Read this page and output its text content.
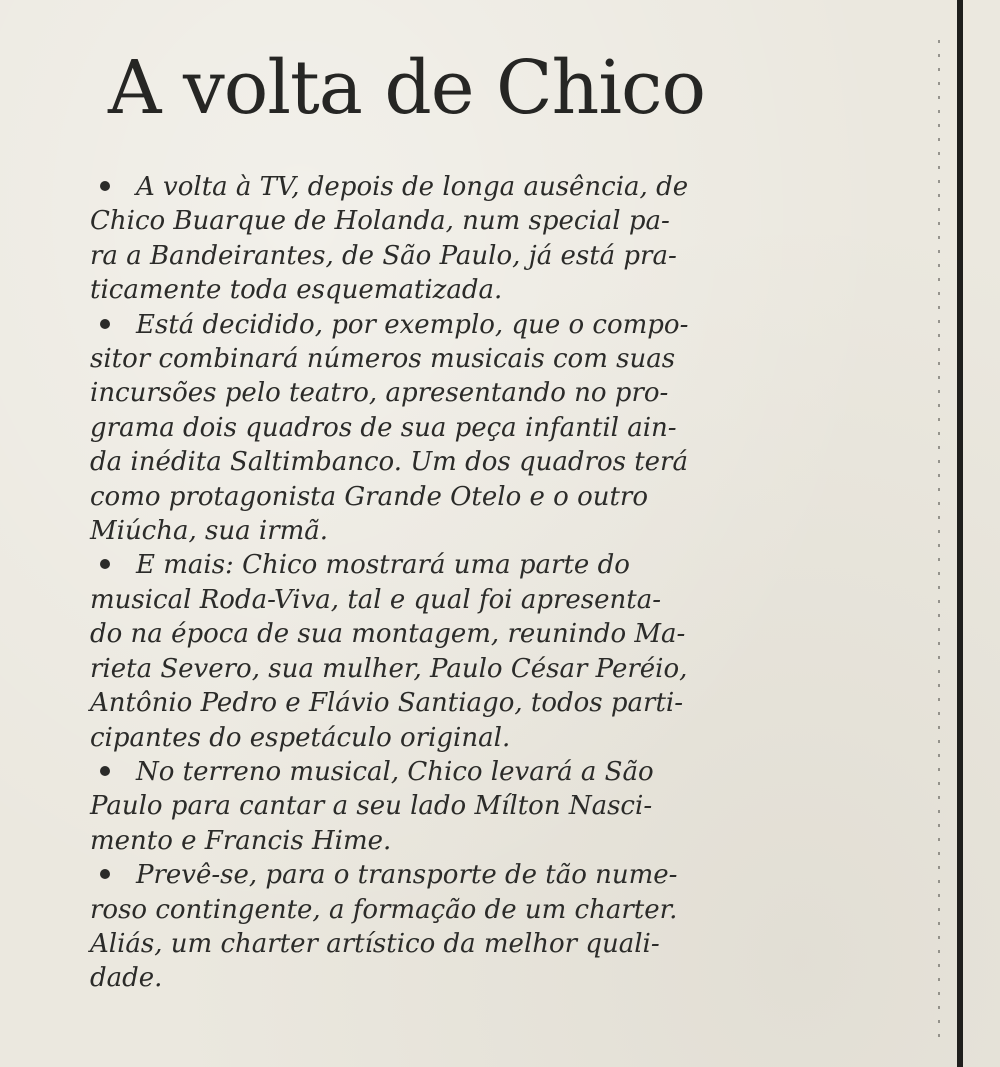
A volta de Chico

A volta à TV, depois de longa ausência, de
Chico Buarque de Holanda, num special pa-
ra a Bandeirantes, de São Paulo, já está pra-
ticamente toda esquematizada.

Está decidido, por exemplo, que o compo-
sitor combinará números musicais com suas
incursões pelo teatro, apresentando no pro-
grama dois quadros de sua peça infantil ain-
da inédita Saltimbanco. Um dos quadros terá
como protagonista Grande Otelo e o outro
Miúcha, sua irmã.

E mais: Chico mostrará uma parte do
musical Roda-Viva, tal e qual foi apresenta-
do na época de sua montagem, reunindo Ma-
rieta Severo, sua mulher, Paulo César Peréio,
Antônio Pedro e Flávio Santiago, todos parti-
cipantes do espetáculo original.

No terreno musical, Chico levará a São
Paulo para cantar a seu lado Mílton Nasci-
mento e Francis Hime.

Prevê-se, para o transporte de tão nume-
roso contingente, a formação de um charter.
Aliás, um charter artístico da melhor quali-
dade.
